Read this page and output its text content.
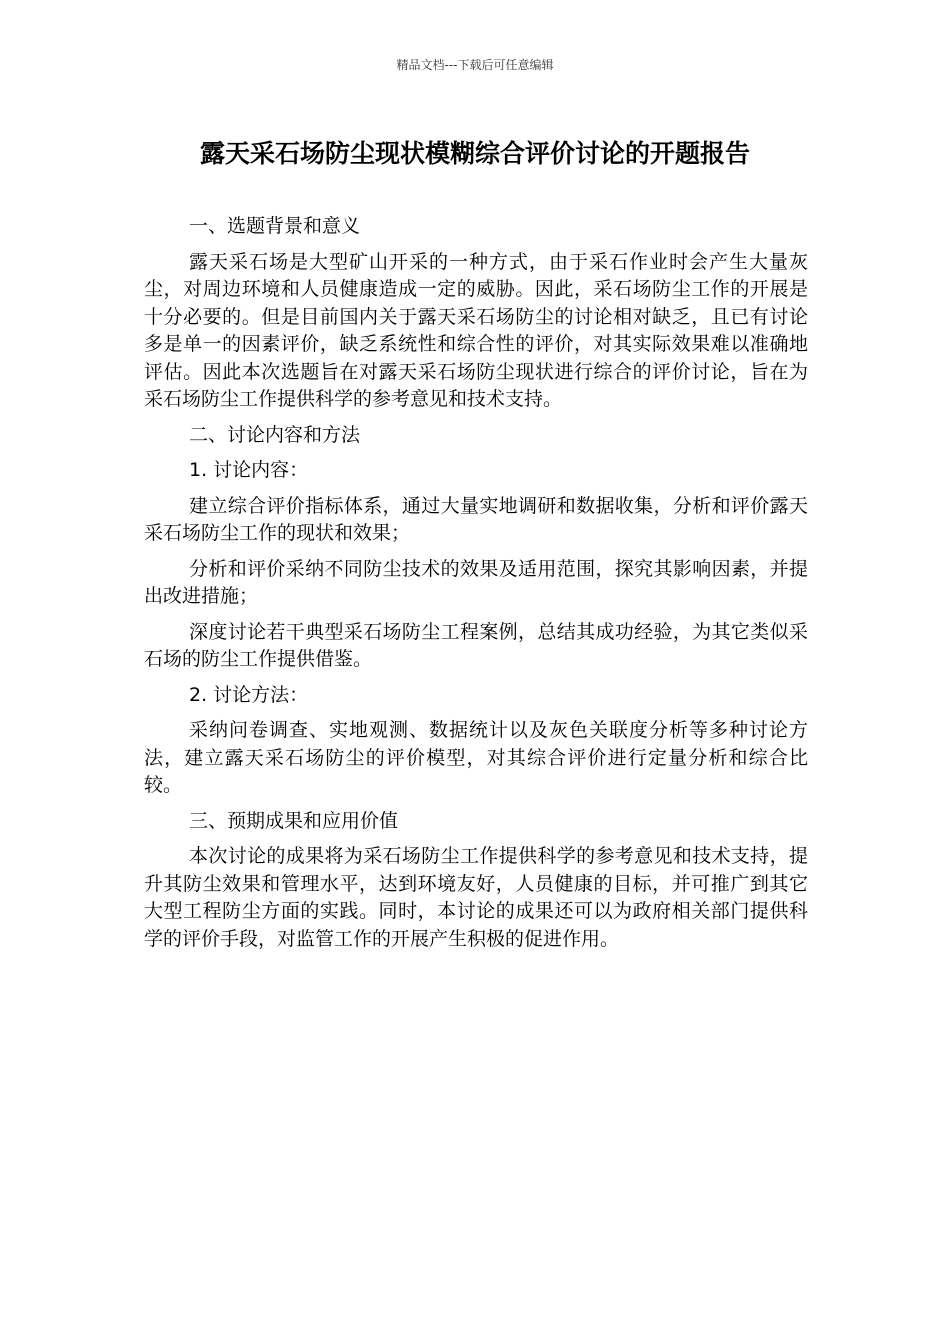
精品文档---下载后可任意编辑
露天采石场防尘现状模糊综合评价讨论的开题报告

一、选题背景和意义

露天采石场是大型矿山开采的一种方式，由于采石作业时会产生大量灰尘，对周边环境和人员健康造成一定的威胁。因此，采石场防尘工作的开展是十分必要的。但是目前国内关于露天采石场防尘的讨论相对缺乏，且已有讨论多是单一的因素评价，缺乏系统性和综合性的评价，对其实际效果难以准确地评估。因此本次选题旨在对露天采石场防尘现状进行综合的评价讨论，旨在为采石场防尘工作提供科学的参考意见和技术支持。

二、讨论内容和方法

1. 讨论内容：

建立综合评价指标体系，通过大量实地调研和数据收集，分析和评价露天采石场防尘工作的现状和效果；

分析和评价采纳不同防尘技术的效果及适用范围，探究其影响因素，并提出改进措施；

深度讨论若干典型采石场防尘工程案例，总结其成功经验，为其它类似采石场的防尘工作提供借鉴。

2. 讨论方法：

采纳问卷调查、实地观测、数据统计以及灰色关联度分析等多种讨论方法，建立露天采石场防尘的评价模型，对其综合评价进行定量分析和综合比较。

三、预期成果和应用价值

本次讨论的成果将为采石场防尘工作提供科学的参考意见和技术支持，提升其防尘效果和管理水平，达到环境友好，人员健康的目标，并可推广到其它大型工程防尘方面的实践。同时，本讨论的成果还可以为政府相关部门提供科学的评价手段，对监管工作的开展产生积极的促进作用。
